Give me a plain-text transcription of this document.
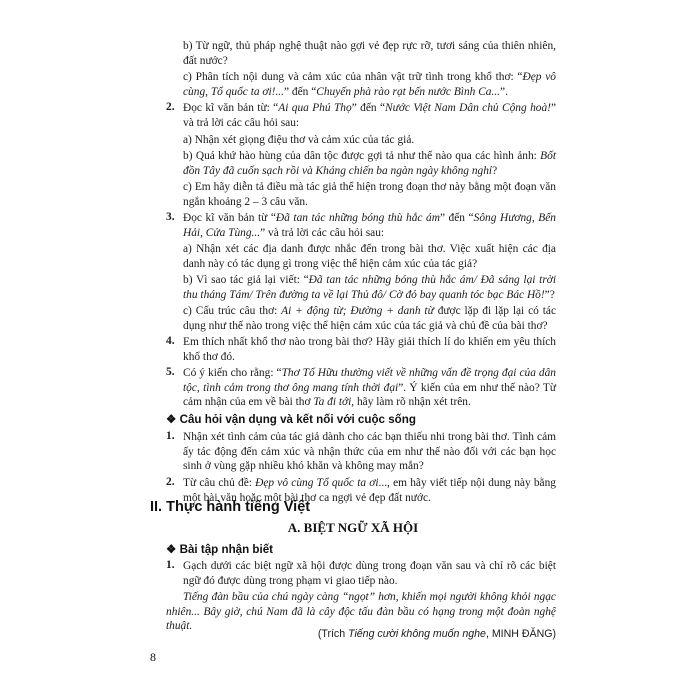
b) Từ ngữ, thủ pháp nghệ thuật nào gợi vẻ đẹp rực rỡ, tươi sáng của thiên nhiên, đất nước?

c) Phân tích nội dung và cảm xúc của nhân vật trữ tình trong khổ thơ: “Đẹp vô cùng, Tổ quốc ta ơi!...” đến “Chuyến phà rào rạt bến nước Bình Ca...”.

2. Đọc kĩ văn bản từ: “Ai qua Phú Thọ” đến “Nước Việt Nam Dân chủ Cộng hoà!” và trả lời các câu hỏi sau:

a) Nhận xét giọng điệu thơ và cảm xúc của tác giả.

b) Quá khứ hào hùng của dân tộc được gợi tả như thế nào qua các hình ảnh: Bốt đồn Tây đã cuốn sạch rồi và Kháng chiến ba ngàn ngày không nghỉ?

c) Em hãy diễn tả điều mà tác giả thể hiện trong đoạn thơ này bằng một đoạn văn ngắn khoảng 2 – 3 câu văn.

3. Đọc kĩ văn bản từ “Đã tan tác những bóng thù hắc ám” đến “Sông Hương, Bến Hải, Cửa Tùng...” và trả lời các câu hỏi sau:

a) Nhận xét các địa danh được nhắc đến trong bài thơ. Việc xuất hiện các địa danh này có tác dụng gì trong việc thể hiện cảm xúc của tác giả?

b) Vì sao tác giả lại viết: “Đã tan tác những bóng thù hắc ám/ Đã sáng lại trời thu tháng Tám/ Trên đường ta về lại Thủ đô/ Cờ đỏ bay quanh tóc bạc Bác Hồ!”?

c) Cấu trúc câu thơ: Ai + động từ; Đường + danh từ được lặp đi lặp lại có tác dụng như thế nào trong việc thể hiện cảm xúc của tác giả và chủ đề của bài thơ?

4. Em thích nhất khổ thơ nào trong bài thơ? Hãy giải thích lí do khiến em yêu thích khổ thơ đó.

5. Có ý kiến cho rằng: “Thơ Tố Hữu thường viết về những vấn đề trọng đại của dân tộc, tình cảm trong thơ ông mang tính thời đại”. Ý kiến của em như thế nào? Từ cảm nhận của em về bài thơ Ta đi tới, hãy làm rõ nhận xét trên.

❖ Câu hỏi vận dụng và kết nối với cuộc sống
1. Nhận xét tình cảm của tác giả dành cho các bạn thiếu nhi trong bài thơ. Tình cảm ấy tác động đến cảm xúc và nhận thức của em như thế nào đối với các bạn học sinh ở vùng gặp nhiều khó khăn và không may mắn?

2. Từ câu chủ đề: Đẹp vô cùng Tổ quốc ta ơi..., em hãy viết tiếp nội dung này bằng một bài văn hoặc một bài thơ ca ngợi vẻ đẹp đất nước.

II. Thực hành tiếng Việt
A. BIỆT NGỮ XÃ HỘI
❖ Bài tập nhận biết
1. Gạch dưới các biệt ngữ xã hội được dùng trong đoạn văn sau và chỉ rõ các biệt ngữ đó được dùng trong phạm vi giao tiếp nào.

Tiếng đàn bầu của chú ngày càng “ngọt” hơn, khiến mọi người không khỏi ngạc nhiên... Bây giờ, chú Nam đã là cây độc tấu đàn bầu có hạng trong một đoàn nghệ thuật.

(Trích Tiếng cười không muốn nghe, MINH ĐĂNG)
8
